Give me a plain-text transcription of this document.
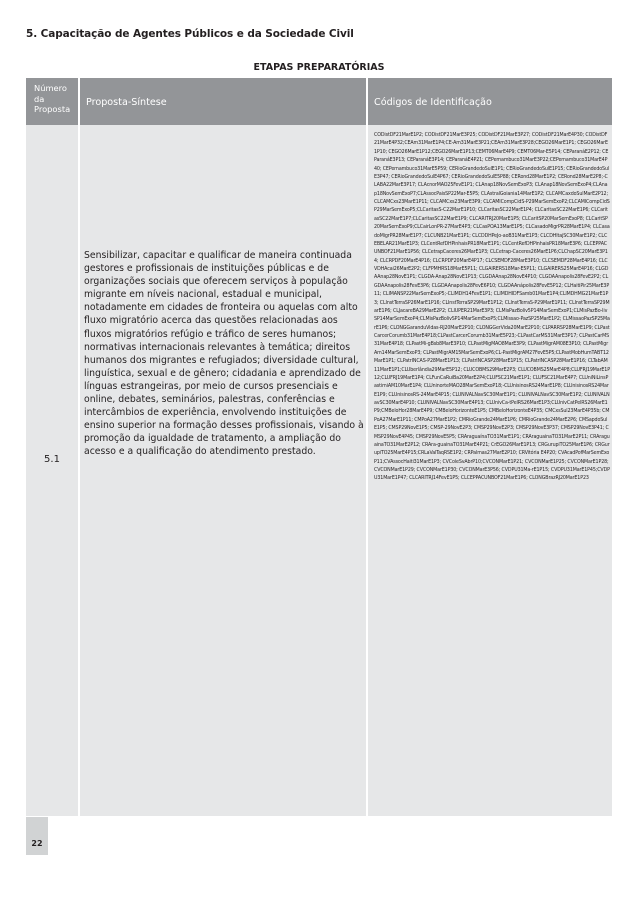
5. Capacitação de Agentes Públicos e da Sociedade Civil
ETAPAS PREPARATÓRIAS
Número da Proposta
Proposta-Síntese	Códigos de Identificação
5.1
Sensibilizar, capacitar e qualificar de maneira continuada gestores e profissionais de instituições públicas e de organizações sociais que oferecem serviços à população migrante em níveis nacional, estadual e municipal, notadamente em cidades de fronteira ou aquelas com alto fluxo migratório acerca das questões relacionadas aos fluxos migratórios refúgio e tráfico de seres humanos; normativas internacionais relevantes à temática; direitos humanos dos migrantes e refugiados; diversidade cultural, linguística, sexual e de gênero; cidadania e aprendizado de línguas estrangeiras, por meio de cursos presenciais e online, debates, seminários, palestras, conferências e intercâmbios de experiência, envolvendo instituições de ensino superior na formação desses profissionais, visando à promoção da igualdade de tratamento, a ampliação do acesso e a qualificação do atendimento prestado.
CODistDF21MarE1P2; CODistDF21MarE3P25; CODistDF21MarE3P27; CODistDF21MarE4P30; CODistDF21MarE4P32;CEAm31MarE1P4;CE-Am31MarE3P21;CEAm31MarE3P28;CEGO26MarE1P1; CEGO26MarE1P10; CEGO26MarE1P12;CEGO26MarE1P13;CEMT06MarE4P9; CEMT06Mar-E5P14; CEParanáE2P12; CEParanáE3P13; CEParanáE3P14; CEParanáE4P21; CEPernambuco31MarE3P22;CEPernambuco31MarE4P40; CEPernambuco31MarE5P59; CERioGrandedoSulE1P1; CERioGrandedoSulE1P15; CERioGrandedoSulE3P47; CERioGrandedoSulE4P67; CERioGrandedoSulE5P88; CERond28MarE1P2; CERond28MarE2P8;-CLABA22MarE3P17; CLAcnorMAO25FevE1P1; CLAnap18NovSemExoP3; CLAnap18NovSemExoP4;CLAnap18NovSemExoP7;CLAssocPaisSP22Mar-E5P5; CLAstralGoiania14MarE1P2; CLCAMCaxdoSulMarE2P12; CLCAMCxs23MarE1P11; CLCAMCxs23MarE3P9; CLCAMICompCidS-P29MarSemExoP2;CLCAMICompCidSP29MarSemExoP5;CLCaritasS-C22MarE1P10; CLCaritasSC22MarE1P4; CLCaritasSC22MarE1P6; CLCaritasSC22MarE1P7;CLCaritasSC22MarE1P9; CLCARITRJ20MarE1P5; CLCaritSP20MarSemExoP8; CLCaritSP20MarSemExoP9;CLCairLonPR-27MarE4P3; CLCasPOA13MarE1P5; CLCasadoMigrPR28MarE1P4; CLCasadoMigrPR28MarE1P7; CLCUNB21MarE1P1; CLCDDHPeJo-aoB31MarE1P3; CLCDHItajSC30MarE1P2; CLCEBELAR21MarE1P3; CLCentRefDHPinhaisPR18MarE1P1; CLCentRefDHPinhaisPR18MarE3P6; CLCEPPACUNBOF21MarE1P56; CLCetrapCaceres26MarE1P3; CLCetrap-Caceres26MarE1P6;CLChapSC20MarE3P14; CLCRPDF20MarE4P16; CLCRPDF20MarE4P17; CLCSEMDF28MarE3P10; CLCSEMDF28MarE4P16; CLCVDHAcai26MarE2P2; CLFPMHRS18MarE5P11; CLGAIRERS18Mar-E5P11; CLGAIRERS25MarE4P16; CLGDAAnap28NovE1P1; CLGDA-Anap28NovE1P13; CLGDAAnap28NovE4P10; CLGDAAnapolis28FevE2P2; CLGDAAnapolis28FevE3P6; CLGDAAnapolis28FevE6P10; CLGDAAnápolis28FevE5P12; CLHaitiPir25MarE3P11; CLIMANSP22MarSemExoP5;-CLIMDH14FevE1P1; CLIMDHIDFSamb01MarE1P4;CLIMDHMG21MarE1P3; CLInstTerraSP26MarE1P16; CLInstTerraSP29MarE1P12; CLInstTerraS-P29MarE1P11; CLInstTerraSP29MarE1P6; CLJacareBA29MarE2P2; CLIUPER21MarE3P3; CLMisPazBoliv5P14MarSemExoP1;CLMisPazBo-livSP14MarSemExoP4;CLMisPazBolivSP14MarSemExoP5;CLMissao-PazSP25MarE1P2; CLMissaoPazSP25MarE1P6; CLONGGaranduVidas-RJ20MarE2P10; CLONGGerVida20MarE2P10; CLPARRSP28MarE1P9; CLPastCarcerCorumb31MarE4P18;CLPastCarcerCorumb31MarE5P23;-CLPastCarMS31MarE3P17; CLPastCarMS31MarE4P18; CLPastMi-gBsb8MarE3P10; CLPastMigMAO8MarE3P9; CLPastMigrAM08E3P10; CLPastMigrAm14MarSemExoP3; CLPastMigrAM15MarSemExoP6;CL-PastMigrAM27FevE5P5;CLPastMobHumTABT12MarE1P1; CLPatrINCAS-P28MarE1P13; CLPatrINCASP28MarE1P15; CLPatrINCASP28MarE1P16; CLTabAM11MarE1P1;CLUberlândia29MarE5P12; CLUCOBMS29MarE2P3; CLUCOBMS25MarE4P8;CLUFRJ19MarE1P12;CLUFRJ19MarE1P4; CLFunCaRuiBa20MarE2P4;CLUFSC21MarE1P1; CLUFSC21MarE4P7; CLUniNiLinsPastimiAM10MarE1P4; CLUninortеMAO28MarSemExoP18;-CLUnisinosRS24MarE1P8; CLUnisinosRS24MarE1P9; CLUnisinosRS-24MarE4P15; CLUNIVALNavSC30MarE1P1; CLUNIVALNavSC30MarE1P2; CLUNIVALNavSC30MarE4P10; CLUNIVALNavSC30MarE4P13; CLUnivCa-tPelRS26MarE1P3;CLUnivCatPelRS26MarE1P9;CMBeloHor28MarE4P9; CMBeloHorizonteE1P5; CMBeloHorizonteE4P35; CMCxsSul23MarE4P35b; CMPoA27MarE1P11; CMPoA27MarE1P2; CMRioGrande24MarE1P6; CMRioGrande24MarE2P6; CMSapdoSulE1P5; CMSP29NovE1P5; CMSP-29NovE2P3; CMSP29NovE2P3; CMSP29NovE3P37; CMSP29NovE3P41; CMSP29NovE4P45; CMSP29NovE5P5; CRAraguaínaTO31MarE1P1; CRAraguainaTO31MarE2P11; CRAraguainaTO31MarE2P12; CRAra-guainaTO31MarE4P21; CrEGO26MarE1P13; CRGurupiTO25MarE1P6; CRGurupiTO25MarE4P15;CRLaValTaqRSE1P2; CRPalmas27MarE2P10; CRVitória E4P20; CVAcadPofMarSemExoP11;CVAssocHaiti31MarE1P3; CVColeSvAbrP10;CVCONMarE1P21; CVCONMarE1P25; CVCONMarE1P28; CVCONMarE1P29; CVCONMarE1P30; CVCONMarE3P56; CVDPU31Ma-rE1P15; CVDPU31MarE1P45;CVDPU31MarE1P47; CLCARITRJ14FevE1P5; CLCEPPACUNBOF21MarE1P6; CLONGBrazRJ20MarE1P23
22
